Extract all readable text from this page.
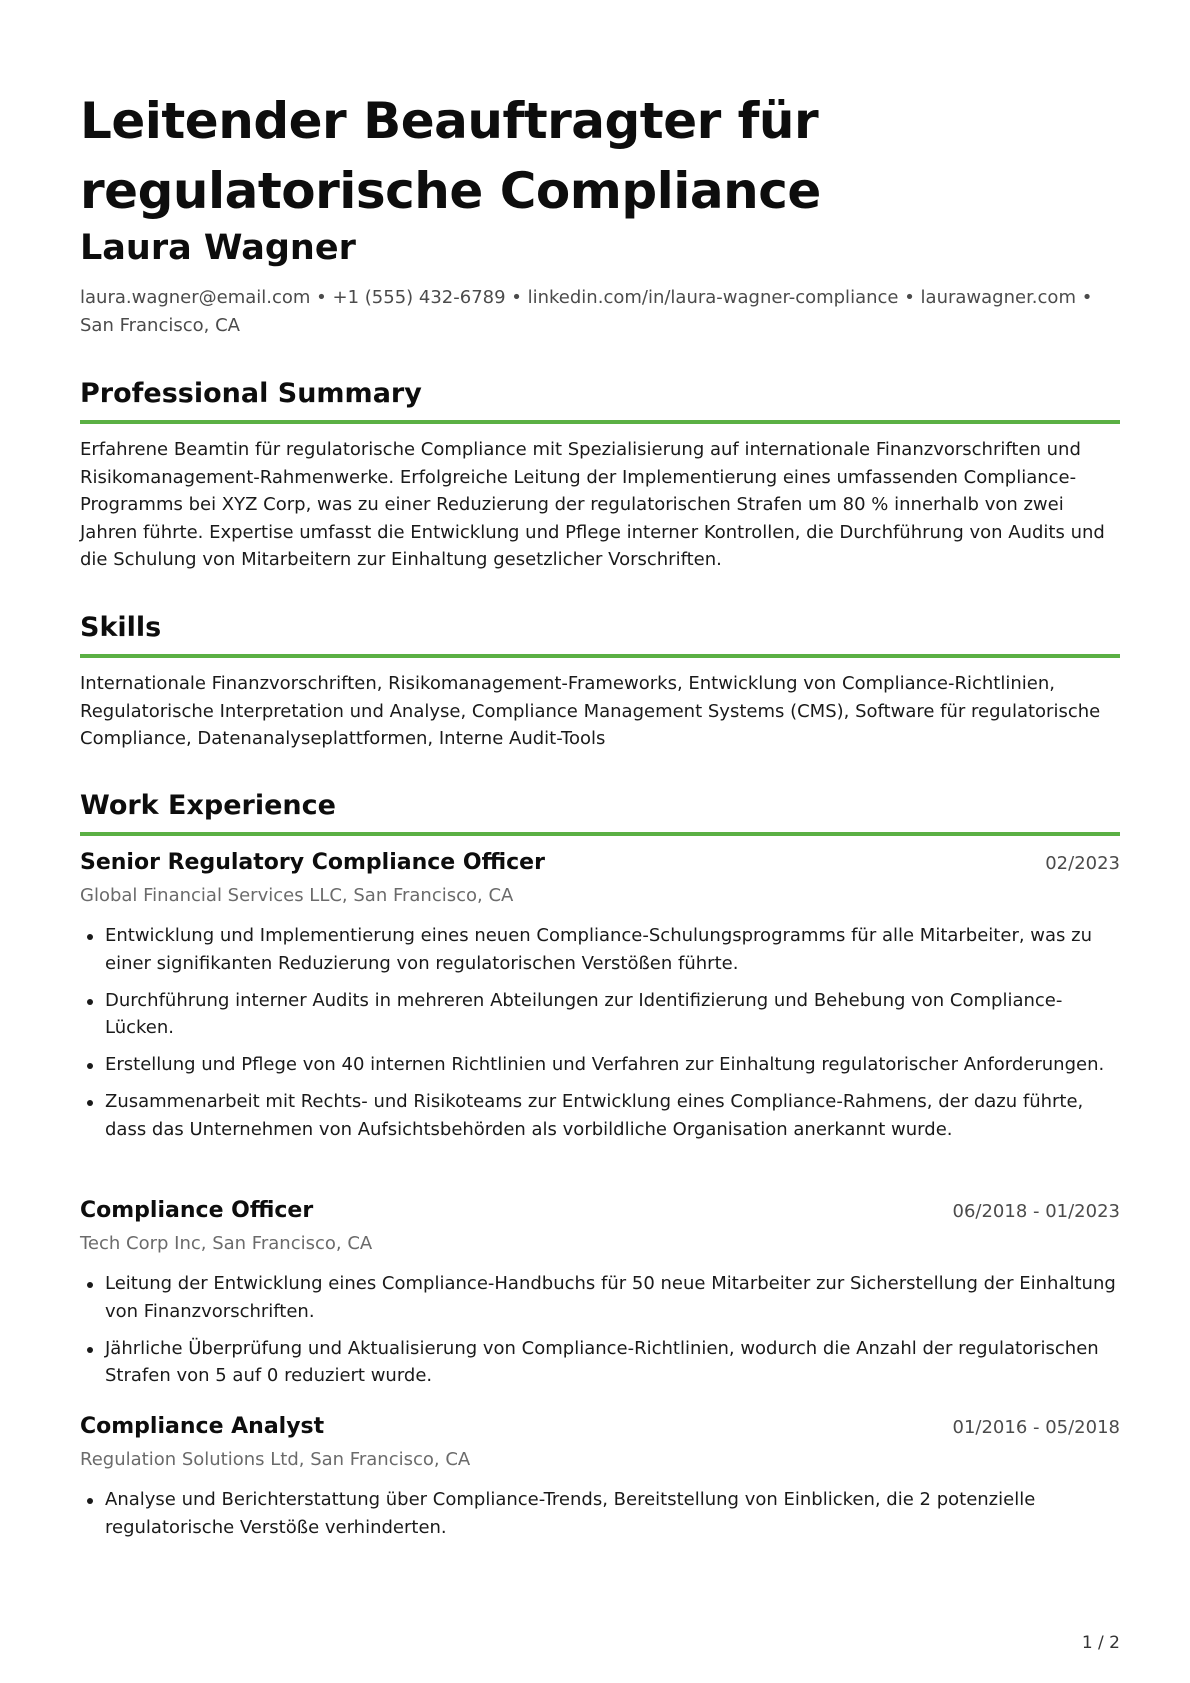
Leitender Beauftragter für regulatorische Compliance
Laura Wagner
laura.wagner@email.com • +1 (555) 432-6789 • linkedin.com/in/laura-wagner-compliance • laurawagner.com • San Francisco, CA
Professional Summary
Erfahrene Beamtin für regulatorische Compliance mit Spezialisierung auf internationale Finanzvorschriften und Risikomanagement-Rahmenwerke. Erfolgreiche Leitung der Implementierung eines umfassenden Compliance-Programms bei XYZ Corp, was zu einer Reduzierung der regulatorischen Strafen um 80 % innerhalb von zwei Jahren führte. Expertise umfasst die Entwicklung und Pflege interner Kontrollen, die Durchführung von Audits und die Schulung von Mitarbeitern zur Einhaltung gesetzlicher Vorschriften.
Skills
Internationale Finanzvorschriften, Risikomanagement-Frameworks, Entwicklung von Compliance-Richtlinien, Regulatorische Interpretation und Analyse, Compliance Management Systems (CMS), Software für regulatorische Compliance, Datenanalyseplattformen, Interne Audit-Tools
Work Experience
Senior Regulatory Compliance Officer	02/2023
Global Financial Services LLC, San Francisco, CA
Entwicklung und Implementierung eines neuen Compliance-Schulungsprogramms für alle Mitarbeiter, was zu einer signifikanten Reduzierung von regulatorischen Verstößen führte.
Durchführung interner Audits in mehreren Abteilungen zur Identifizierung und Behebung von Compliance-Lücken.
Erstellung und Pflege von 40 internen Richtlinien und Verfahren zur Einhaltung regulatorischer Anforderungen.
Zusammenarbeit mit Rechts- und Risikoteams zur Entwicklung eines Compliance-Rahmens, der dazu führte, dass das Unternehmen von Aufsichtsbehörden als vorbildliche Organisation anerkannt wurde.
Compliance Officer	06/2018 - 01/2023
Tech Corp Inc, San Francisco, CA
Leitung der Entwicklung eines Compliance-Handbuchs für 50 neue Mitarbeiter zur Sicherstellung der Einhaltung von Finanzvorschriften.
Jährliche Überprüfung und Aktualisierung von Compliance-Richtlinien, wodurch die Anzahl der regulatorischen Strafen von 5 auf 0 reduziert wurde.
Compliance Analyst	01/2016 - 05/2018
Regulation Solutions Ltd, San Francisco, CA
Analyse und Berichterstattung über Compliance-Trends, Bereitstellung von Einblicken, die 2 potenzielle regulatorische Verstöße verhinderten.
1 / 2
